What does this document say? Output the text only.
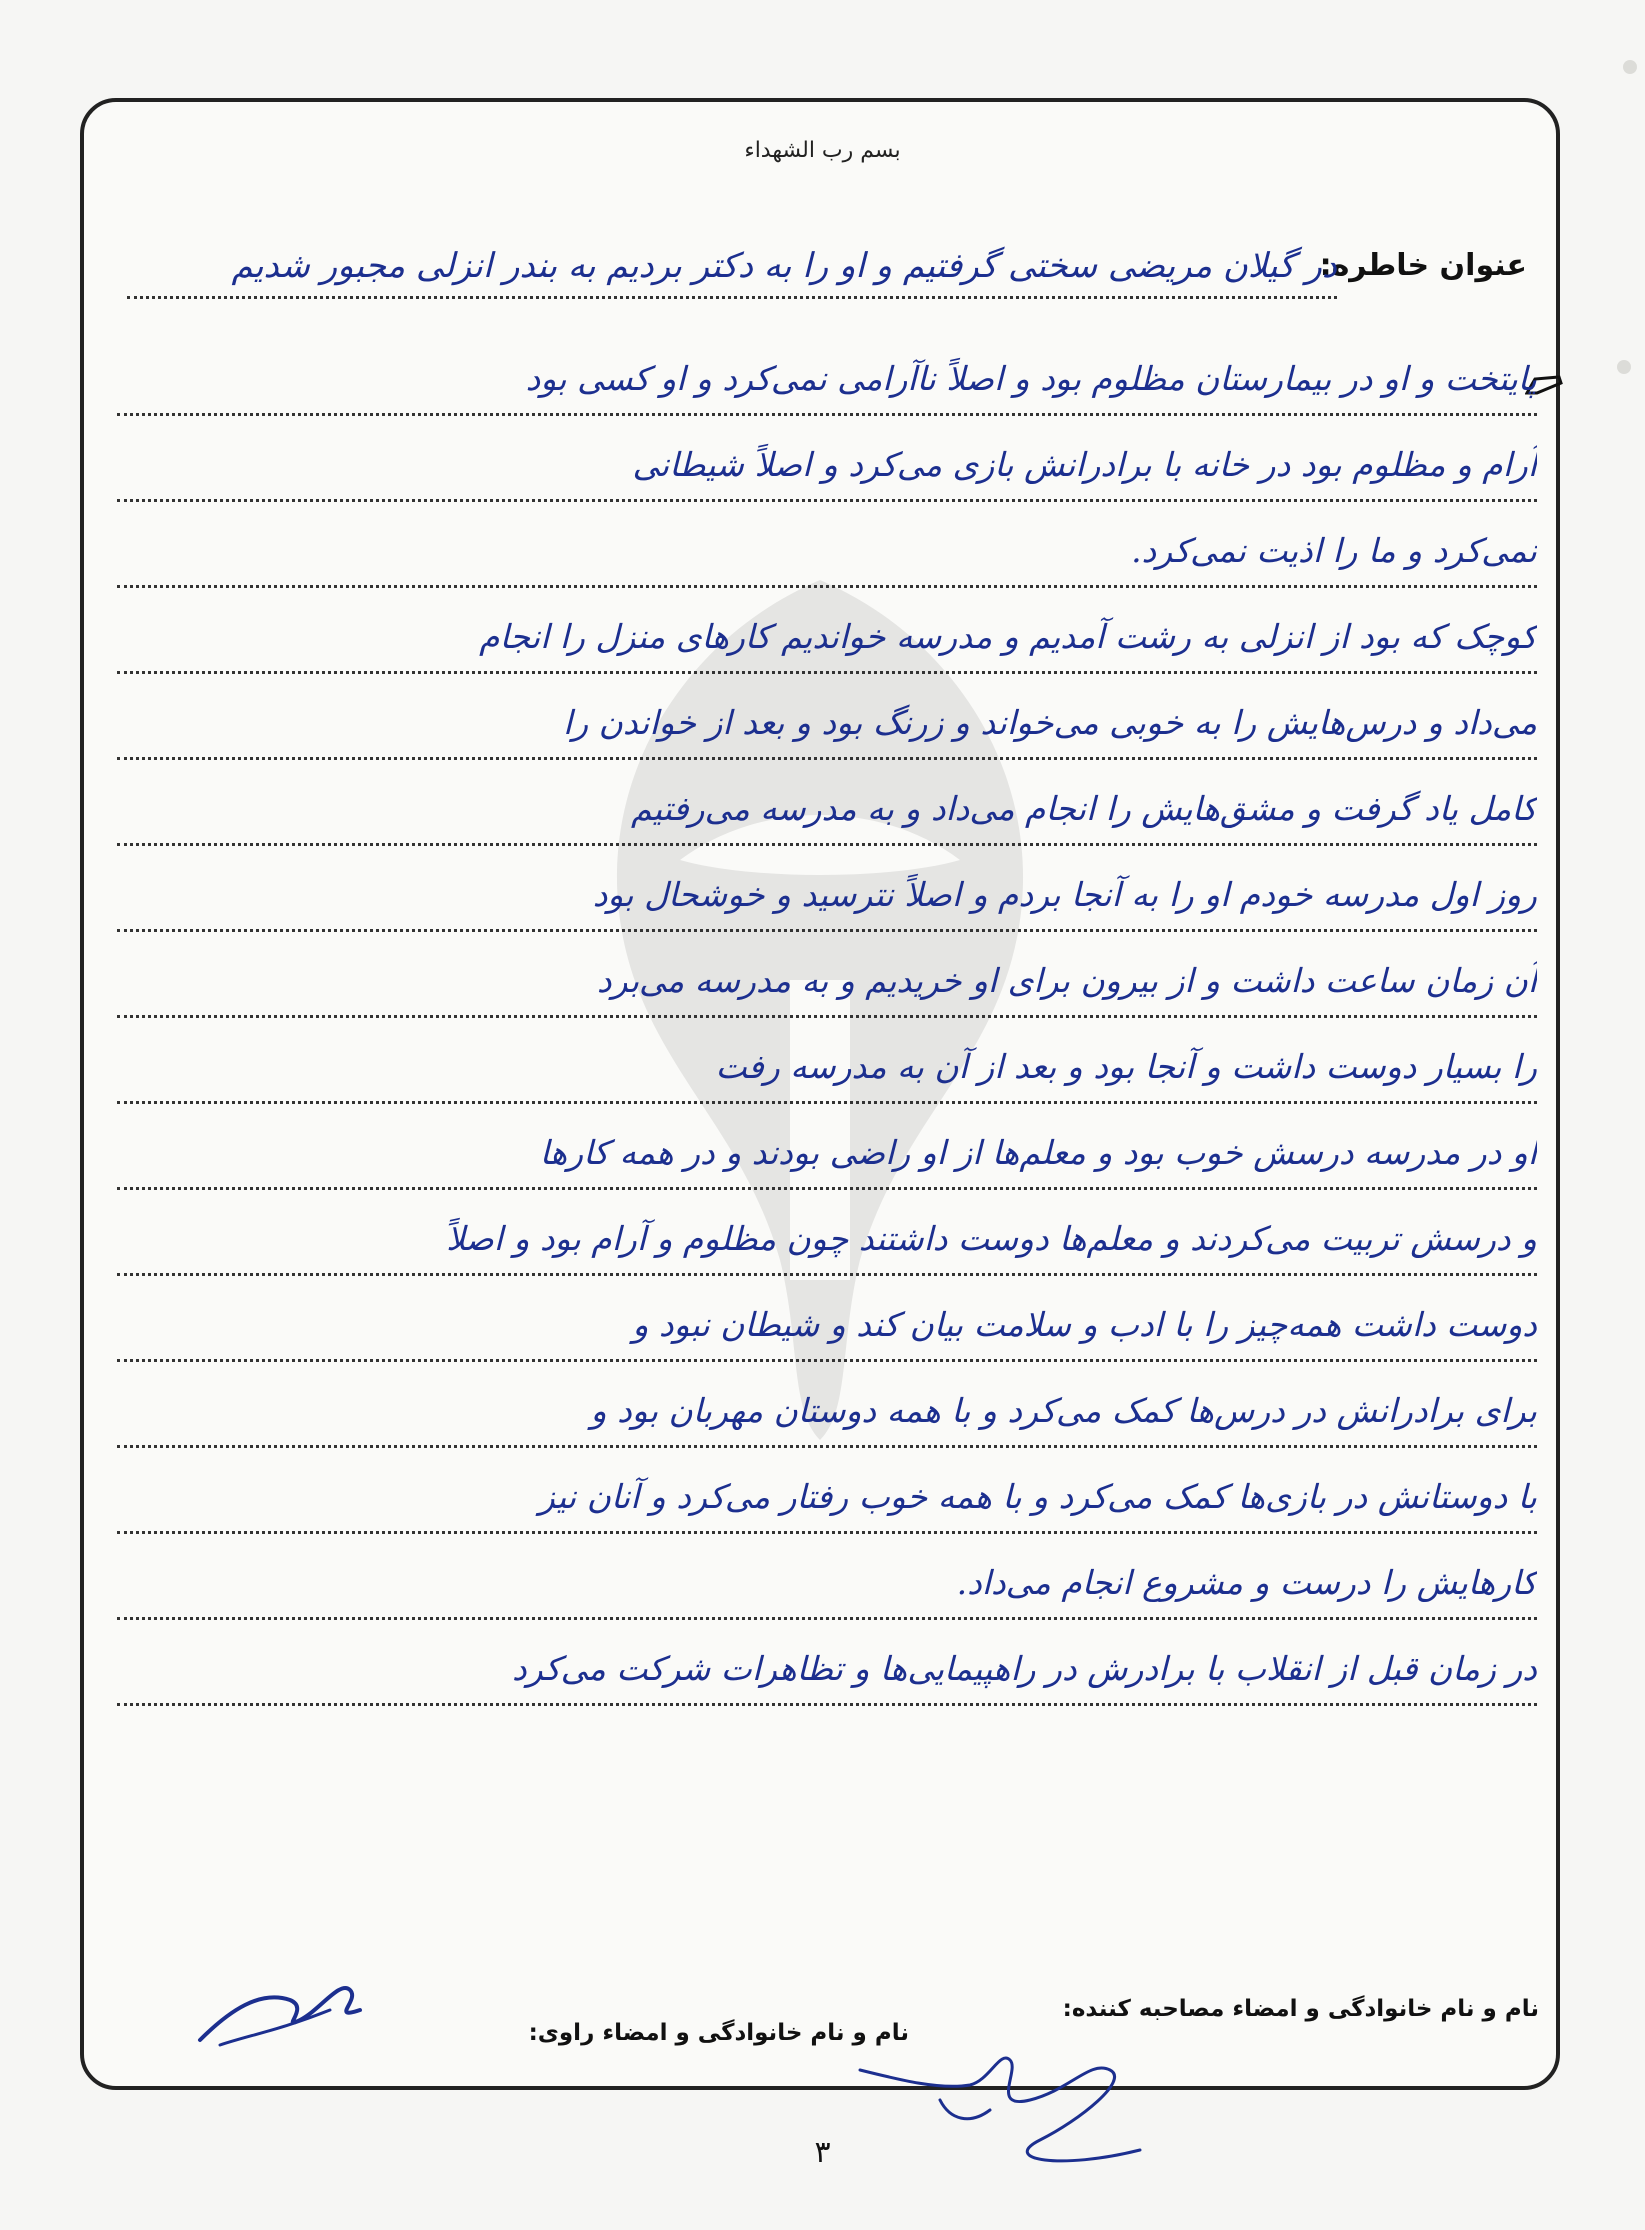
بسم رب الشهداء
عنوان خاطره:
در گیلان مریضی سختی گرفتیم و او را به دکتر بردیم به بندر انزلی مجبور شدیم
پایتخت و او در بیمارستان مظلوم بود و اصلاً ناآرامی نمی‌کرد و او کسی بود
آرام و مظلوم بود در خانه با برادرانش بازی می‌کرد و اصلاً شیطانی
نمی‌کرد و ما را اذیت نمی‌کرد.
کوچک که بود از انزلی به رشت آمدیم و مدرسه خواندیم کارهای منزل را انجام
می‌داد و درس‌هایش را به خوبی می‌خواند و زرنگ بود و بعد از خواندن را
کامل یاد گرفت و مشق‌هایش را انجام می‌داد و به مدرسه می‌رفتیم
روز اول مدرسه خودم او را به آنجا بردم و اصلاً نترسید و خوشحال بود
آن زمان ساعت داشت و از بیرون برای او خریدیم و به مدرسه می‌برد
را بسیار دوست داشت و آنجا بود و بعد از آن به مدرسه رفت
او در مدرسه درسش خوب بود و معلم‌ها از او راضی بودند و در همه کارها
و درسش تربیت می‌کردند و معلم‌ها دوست داشتند چون مظلوم و آرام بود و اصلاً
دوست داشت همه‌چیز را با ادب و سلامت بیان کند و شیطان نبود و
برای برادرانش در درس‌ها کمک می‌کرد و با همه دوستان مهربان بود و
با دوستانش در بازی‌ها کمک می‌کرد و با همه خوب رفتار می‌کرد و آنان نیز
کارهایش را درست و مشروع انجام می‌داد.
در زمان قبل از انقلاب با برادرش در راهپیمایی‌ها و تظاهرات شرکت می‌کرد
نام و نام خانوادگی و امضاء مصاحبه کننده:
نام و نام خانوادگی و امضاء راوی:
۳
